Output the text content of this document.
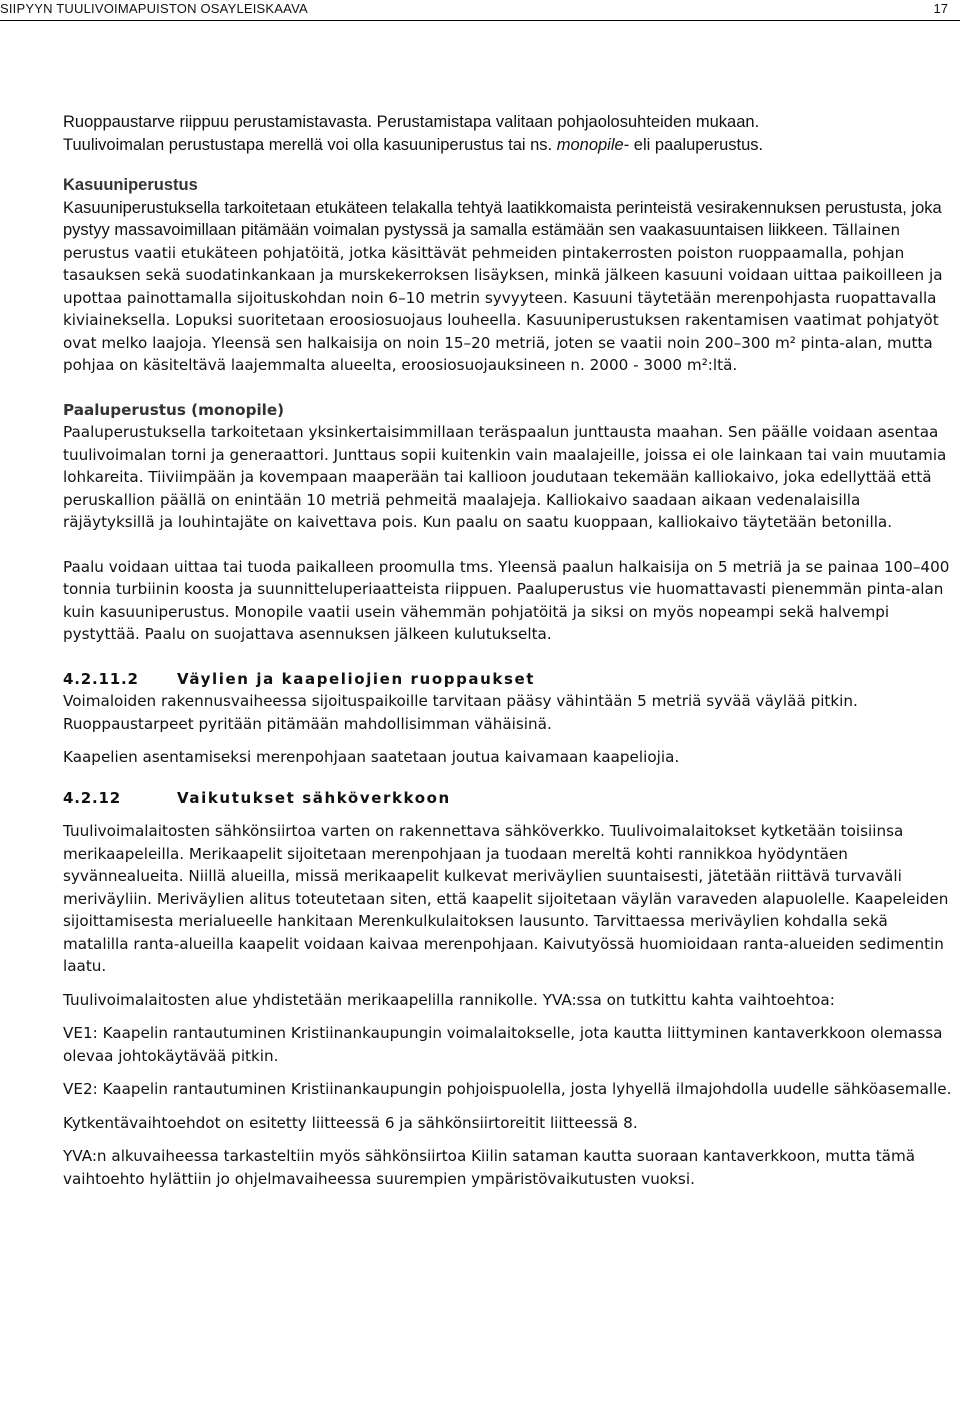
SIIPYYN TUULIVOIMAPUISTON OSAYLEISKAAVA	17

Ruoppaustarve riippuu perustamistavasta. Perustamistapa valitaan pohjaolosuhteiden mukaan.
Tuulivoimalan perustustapa merellä voi olla kasuuniperustus tai ns. monopile- eli paaluperustus.

Kasuuniperustus

Kasuuniperustuksella tarkoitetaan etukäteen telakalla tehtyä laatikkomaista perinteistä vesirakennuksen perustusta, joka pystyy massavoimillaan pitämään voimalan pystyssä ja samalla estämään sen vaakasuuntaisen liikkeen. Tällainen perustus vaatii etukäteen pohjatöitä, jotka käsittävät pehmeiden pintakerrosten poiston ruoppaamalla, pohjan tasauksen sekä suodatinkankaan ja murskekerroksen lisäyksen, minkä jälkeen kasuuni voidaan uittaa paikoilleen ja upottaa painottamalla sijoituskohdan noin 6–10 metrin syvyyteen. Kasuuni täytetään merenpohjasta ruopattavalla kiviaineksella. Lopuksi suoritetaan eroosiosuojaus louheella. Kasuuniperustuksen rakentamisen vaatimat pohjatyöt ovat melko laajoja. Yleensä sen halkaisija on noin 15–20 metriä, joten se vaatii noin 200–300 m² pinta-alan, mutta pohjaa on käsiteltävä laajemmalta alueelta, eroosiosuojauksineen n. 2000 - 3000 m²:ltä.

Paaluperustus (monopile)

Paaluperustuksella tarkoitetaan yksinkertaisimmillaan teräspaalun junttausta maahan. Sen päälle voidaan asentaa tuulivoimalan torni ja generaattori. Junttaus sopii kuitenkin vain maalajeille, joissa ei ole lainkaan tai vain muutamia lohkareita. Tiiviimpään ja kovempaan maaperään tai kallioon joudutaan tekemään kalliokaivo, joka edellyttää että peruskallion päällä on enintään 10 metriä pehmeitä maalajeja. Kalliokaivo saadaan aikaan vedenalaisilla räjäytyksillä ja louhintajäte on kaivettava pois. Kun paalu on saatu kuoppaan, kalliokaivo täytetään betonilla.

Paalu voidaan uittaa tai tuoda paikalleen proomulla tms. Yleensä paalun halkaisija on 5 metriä ja se painaa 100–400 tonnia turbiinin koosta ja suunnitteluperiaatteista riippuen. Paaluperustus vie huomattavasti pienemmän pinta-alan kuin kasuuniperustus. Monopile vaatii usein vähemmän pohjatöitä ja siksi on myös nopeampi sekä halvempi pystyttää. Paalu on suojattava asennuksen jälkeen kulutukselta.

4.2.11.2	Väylien ja kaapeliojien ruoppaukset

Voimaloiden rakennusvaiheessa sijoituspaikoille tarvitaan pääsy vähintään 5 metriä syvää väylää pitkin. Ruoppaustarpeet pyritään pitämään mahdollisimman vähäisinä.

Kaapelien asentamiseksi merenpohjaan saatetaan joutua kaivamaan kaapeliojia.

4.2.12	Vaikutukset sähköverkkoon

Tuulivoimalaitosten sähkönsiirtoa varten on rakennettava sähköverkko. Tuulivoimalaitokset kytketään toisiinsa merikaapeleilla. Merikaapelit sijoitetaan merenpohjaan ja tuodaan mereltä kohti rannikkoa hyödyntäen syvännealueita. Niillä alueilla, missä merikaapelit kulkevat meriväylien suuntaisesti, jätetään riittävä turvaväli meriväyliin. Meriväylien alitus toteutetaan siten, että kaapelit sijoitetaan väylän varaveden alapuolelle. Kaapeleiden sijoittamisesta merialueelle hankitaan Merenkulkulaitoksen lausunto. Tarvittaessa meriväylien kohdalla sekä matalilla ranta-alueilla kaapelit voidaan kaivaa merenpohjaan. Kaivutyössä huomioidaan ranta-alueiden sedimentin laatu.

Tuulivoimalaitosten alue yhdistetään merikaapelilla rannikolle. YVA:ssa on tutkittu kahta vaihtoehtoa:

VE1: Kaapelin rantautuminen Kristiinankaupungin voimalaitokselle, jota kautta liittyminen kantaverkkoon olemassa olevaa johtokäytävää pitkin.

VE2: Kaapelin rantautuminen Kristiinankaupungin pohjoispuolella, josta lyhyellä ilmajohdolla uudelle sähköasemalle.

Kytkentävaihtoehdot on esitetty liitteessä 6 ja sähkönsiirtoreitit liitteessä 8.

YVA:n alkuvaiheessa tarkasteltiin myös sähkönsiirtoa Kiilin sataman kautta suoraan kantaverkkoon, mutta tämä vaihtoehto hylättiin jo ohjelmavaiheessa suurempien ympäristövaikutusten vuoksi.
